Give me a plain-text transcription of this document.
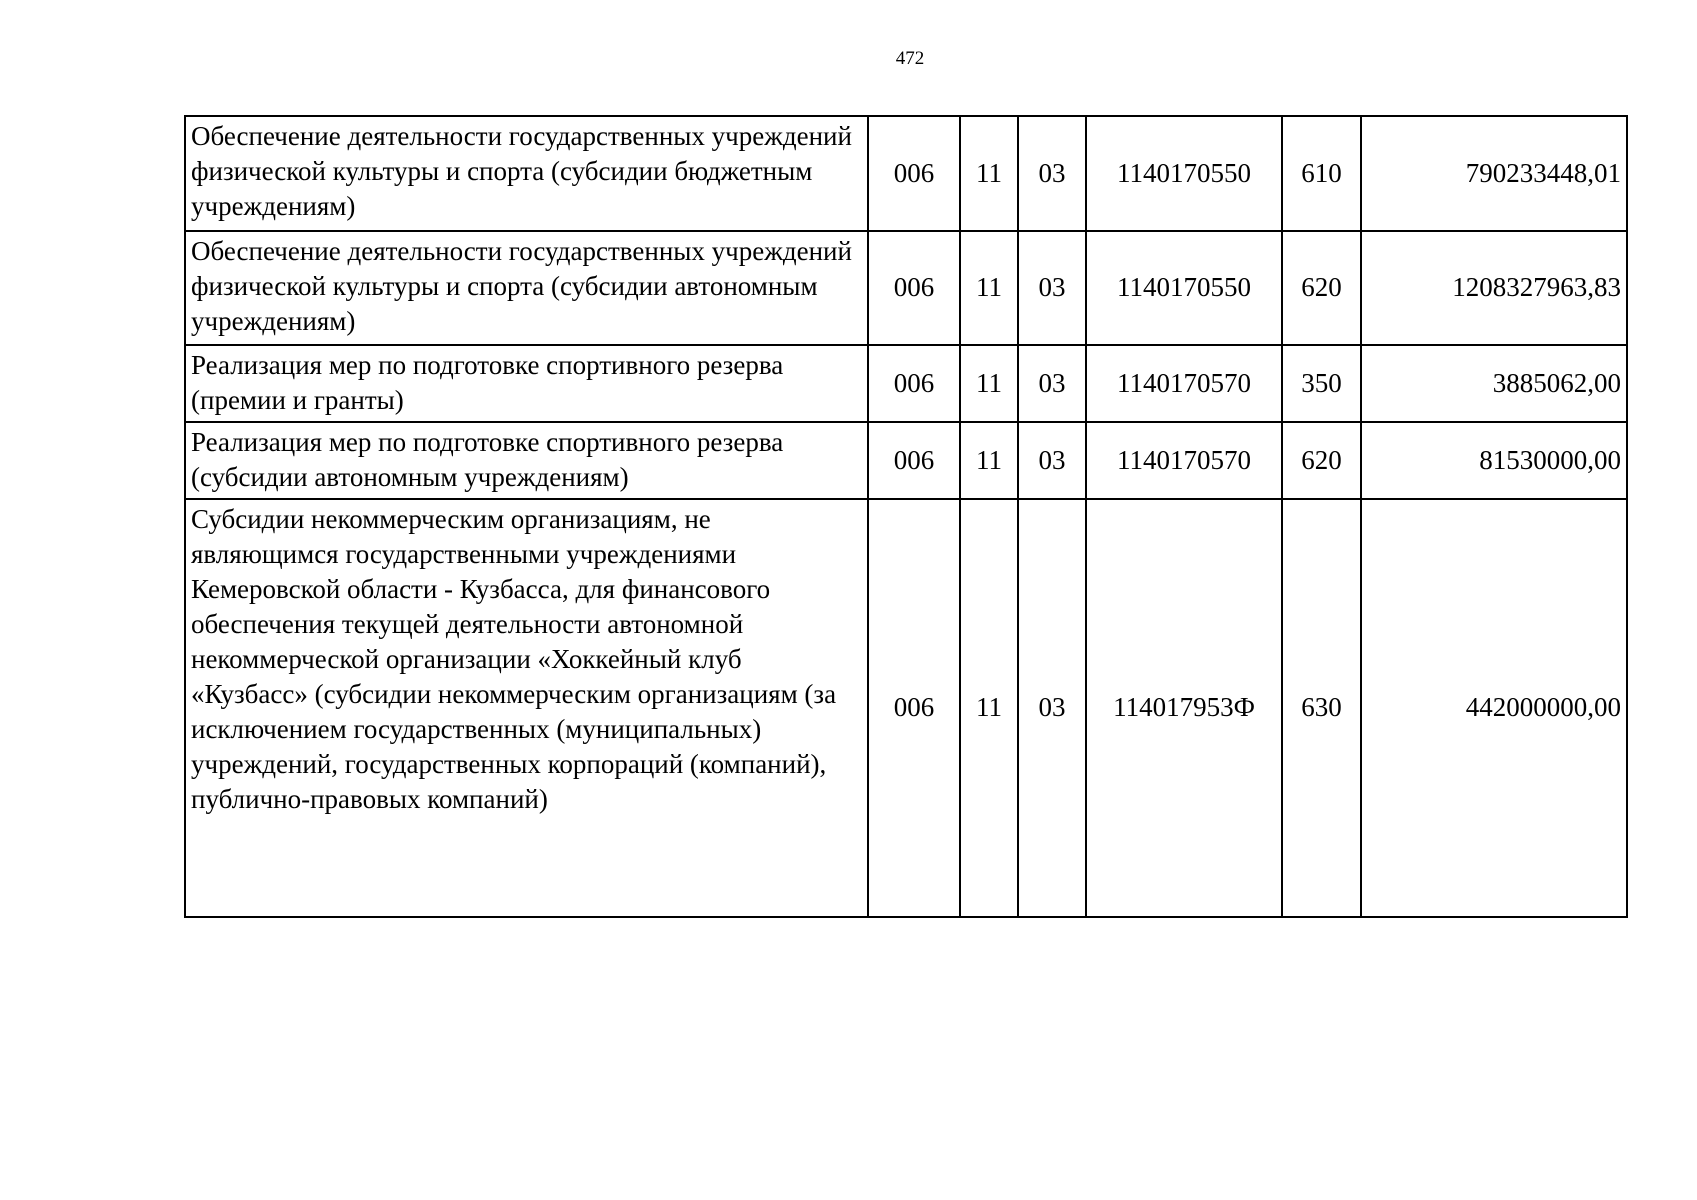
472
Обеспечение деятельности государственных учреждений физической культуры и спорта (субсидии бюджетным учреждениям)	006	11	03	1140170550	610	790233448,01
Обеспечение деятельности государственных учреждений физической культуры и спорта (субсидии автономным учреждениям)	006	11	03	1140170550	620	1208327963,83
Реализация мер по подготовке спортивного резерва (премии и гранты)	006	11	03	1140170570	350	3885062,00
Реализация мер по подготовке спортивного резерва (субсидии автономным учреждениям)	006	11	03	1140170570	620	81530000,00
Субсидии некоммерческим организациям, не являющимся государственными учреждениями Кемеровской области - Кузбасса, для финансового обеспечения текущей деятельности автономной некоммерческой организации «Хоккейный клуб «Кузбасс» (субсидии некоммерческим организациям (за исключением государственных (муниципальных) учреждений, государственных корпораций (компаний), публично-правовых компаний)	006	11	03	114017953Ф	630	442000000,00
